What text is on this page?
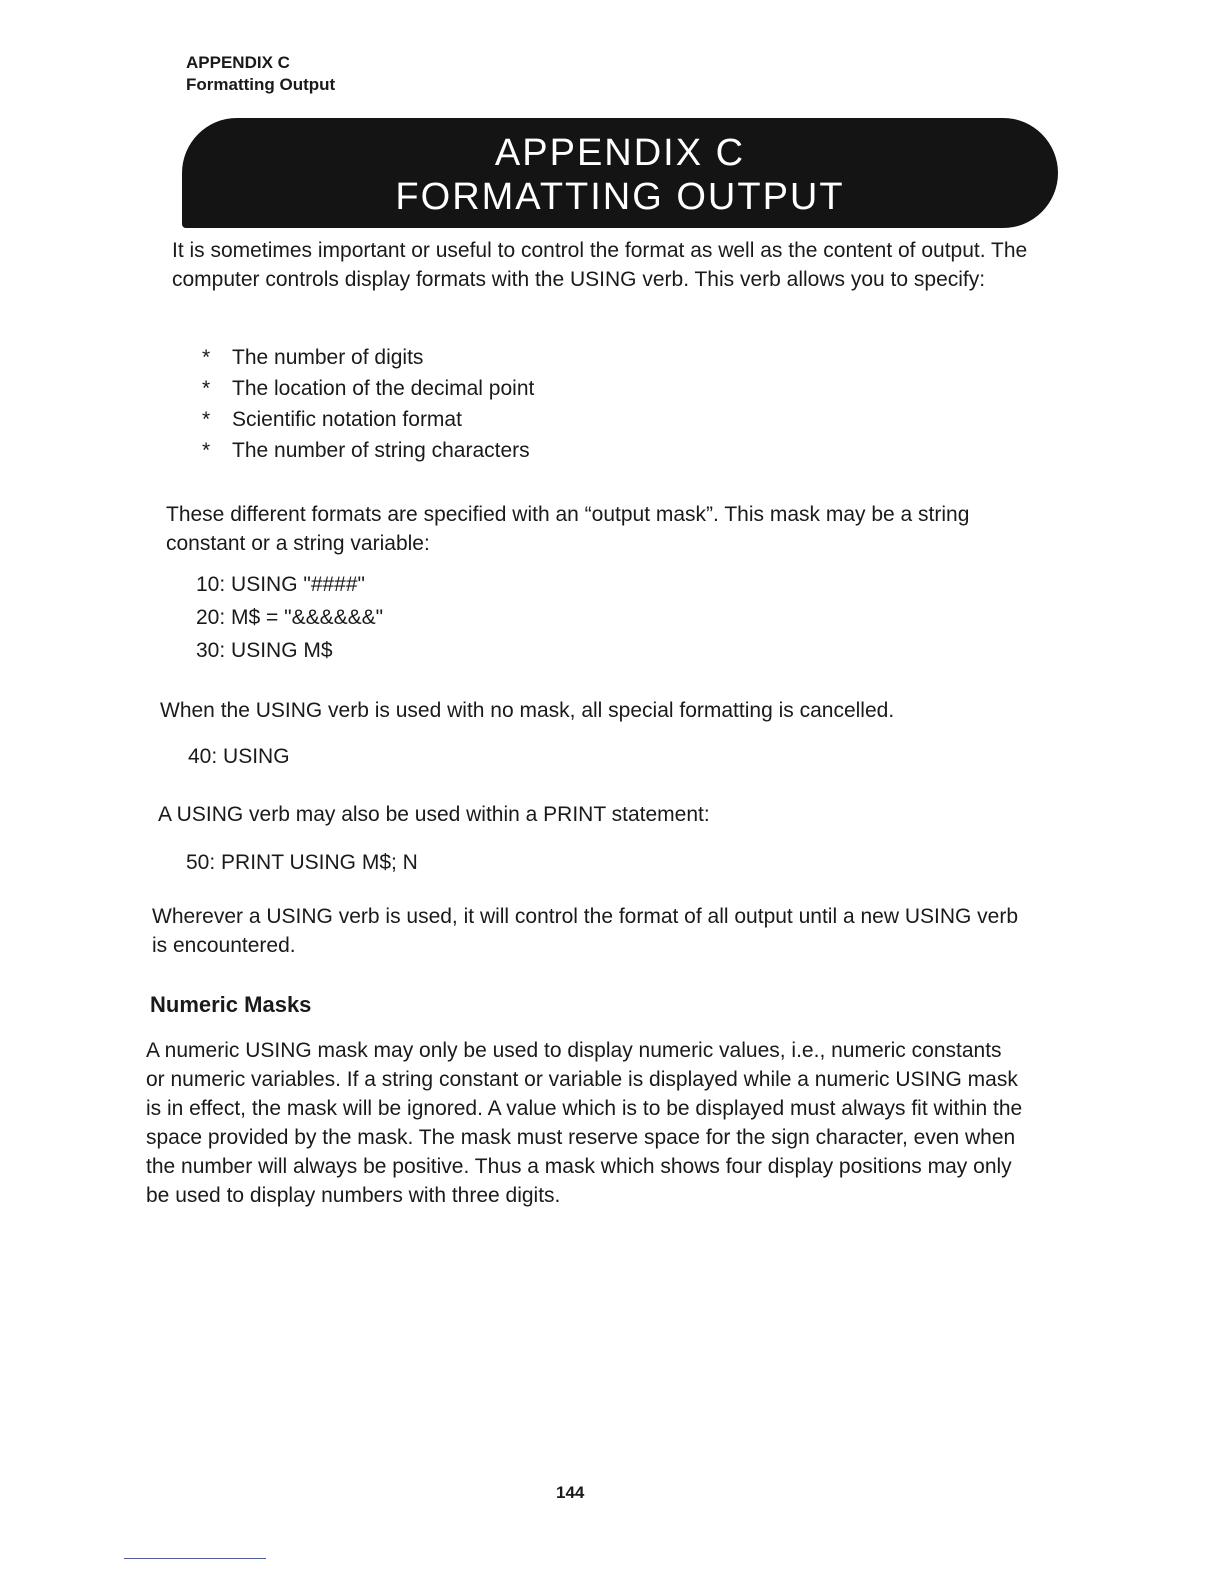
APPENDIX C
Formatting Output
APPENDIX C
FORMATTING OUTPUT

It is sometimes important or useful to control the format as well as the content of output. The computer controls display formats with the USING verb. This verb allows you to specify:

* The number of digits
* The location of the decimal point
* Scientific notation format
* The number of string characters

These different formats are specified with an “output mask”. This mask may be a string constant or a string variable:

10: USING "####"
20: M$ = "&&&&&&"
30: USING M$

When the USING verb is used with no mask, all special formatting is cancelled.

40: USING

A USING verb may also be used within a PRINT statement:

50: PRINT USING M$; N

Wherever a USING verb is used, it will control the format of all output until a new USING verb is encountered.

Numeric Masks

A numeric USING mask may only be used to display numeric values, i.e., numeric constants or numeric variables. If a string constant or variable is displayed while a numeric USING mask is in effect, the mask will be ignored. A value which is to be displayed must always fit within the space provided by the mask. The mask must reserve space for the sign character, even when the number will always be positive. Thus a mask which shows four display positions may only be used to display numbers with three digits.

144
